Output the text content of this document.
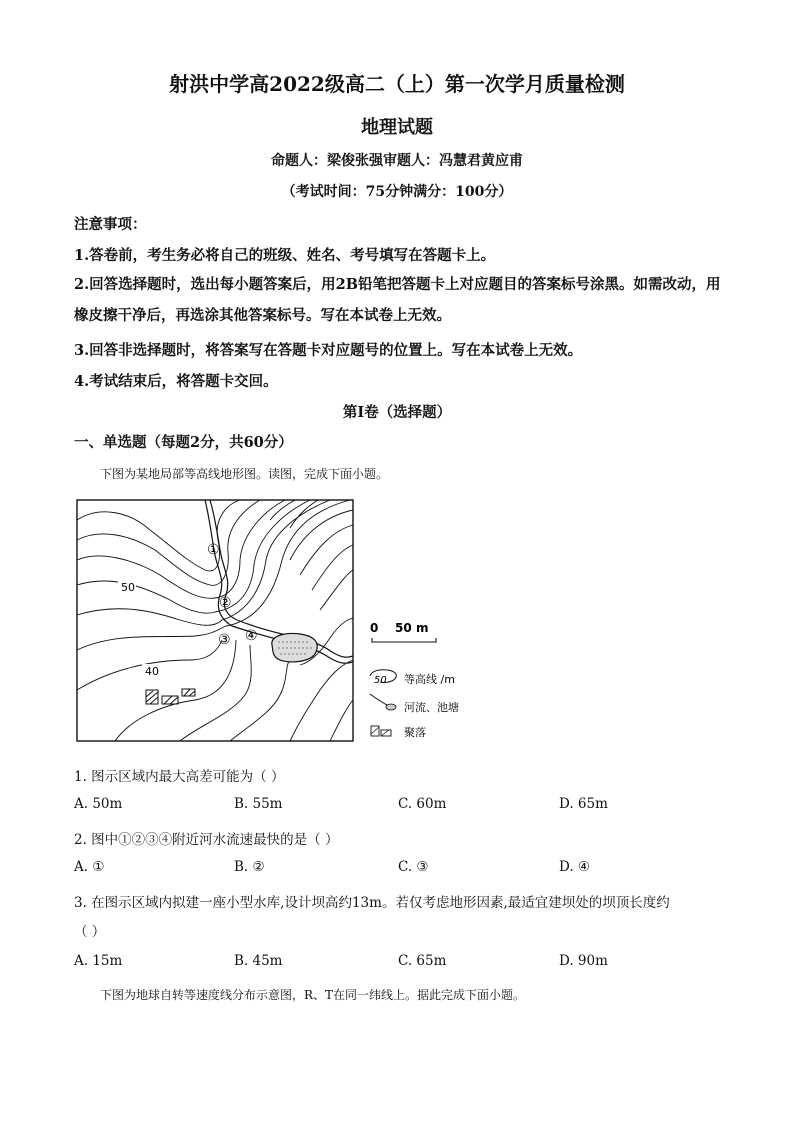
射洪中学高2022级高二（上）第一次学月质量检测
地理试题
命题人：梁俊张强审题人：冯慧君黄应甫
（考试时间：75分钟满分：100分）
注意事项：
1.答卷前，考生务必将自己的班级、姓名、考号填写在答题卡上。
2.回答选择题时，选出每小题答案后，用2B铅笔把答题卡上对应题目的答案标号涂黑。如需改动，用橡皮擦干净后，再选涂其他答案标号。写在本试卷上无效。
3.回答非选择题时，将答案写在答题卡对应题号的位置上。写在本试卷上无效。
4.考试结束后，将答题卡交回。
第I卷（选择题）
一、单选题（每题2分，共60分）
下图为某地局部等高线地形图。读图，完成下面小题。
50
40
①
②
③ ④	0    50 m
50 等高线 /m
河流、池塘
聚落
1. 图示区域内最大高差可能为（ ）
A. 50m	B. 55m	C. 60m	D. 65m
2. 图中①②③④附近河水流速最快的是（ ）
A. ①	B. ②	C. ③	D. ④
3. 在图示区域内拟建一座小型水库,设计坝高约13m。若仅考虑地形因素,最适宜建坝处的坝顶长度约
（ ）
A. 15m	B. 45m	C. 65m	D. 90m
下图为地球自转等速度线分布示意图，R、T在同一纬线上。据此完成下面小题。
